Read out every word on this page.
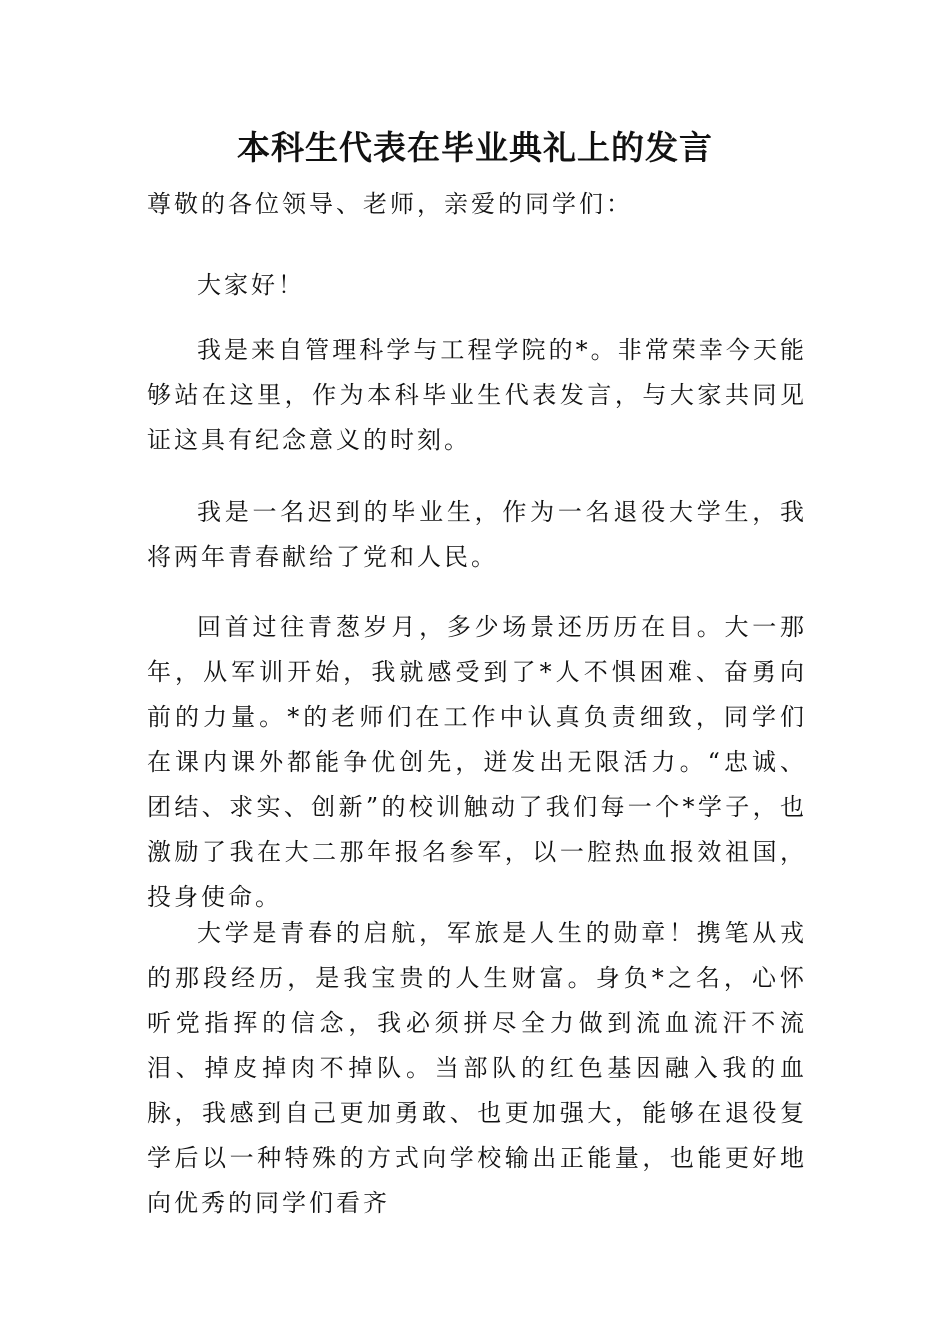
本科生代表在毕业典礼上的发言

尊敬的各位领导、老师，亲爱的同学们：

大家好！

我是来自管理科学与工程学院的*。非常荣幸今天能够站在这里，作为本科毕业生代表发言，与大家共同见证这具有纪念意义的时刻。

我是一名迟到的毕业生，作为一名退役大学生，我将两年青春献给了党和人民。

回首过往青葱岁月，多少场景还历历在目。大一那年，从军训开始，我就感受到了*人不惧困难、奋勇向前的力量。*的老师们在工作中认真负责细致，同学们在课内课外都能争优创先，迸发出无限活力。“忠诚、团结、求实、创新”的校训触动了我们每一个*学子，也激励了我在大二那年报名参军，以一腔热血报效祖国，投身使命。

大学是青春的启航，军旅是人生的勋章！携笔从戎的那段经历，是我宝贵的人生财富。身负*之名，心怀听党指挥的信念，我必须拼尽全力做到流血流汗不流泪、掉皮掉肉不掉队。当部队的红色基因融入我的血脉，我感到自己更加勇敢、也更加强大，能够在退役复学后以一种特殊的方式向学校输出正能量，也能更好地向优秀的同学们看齐
